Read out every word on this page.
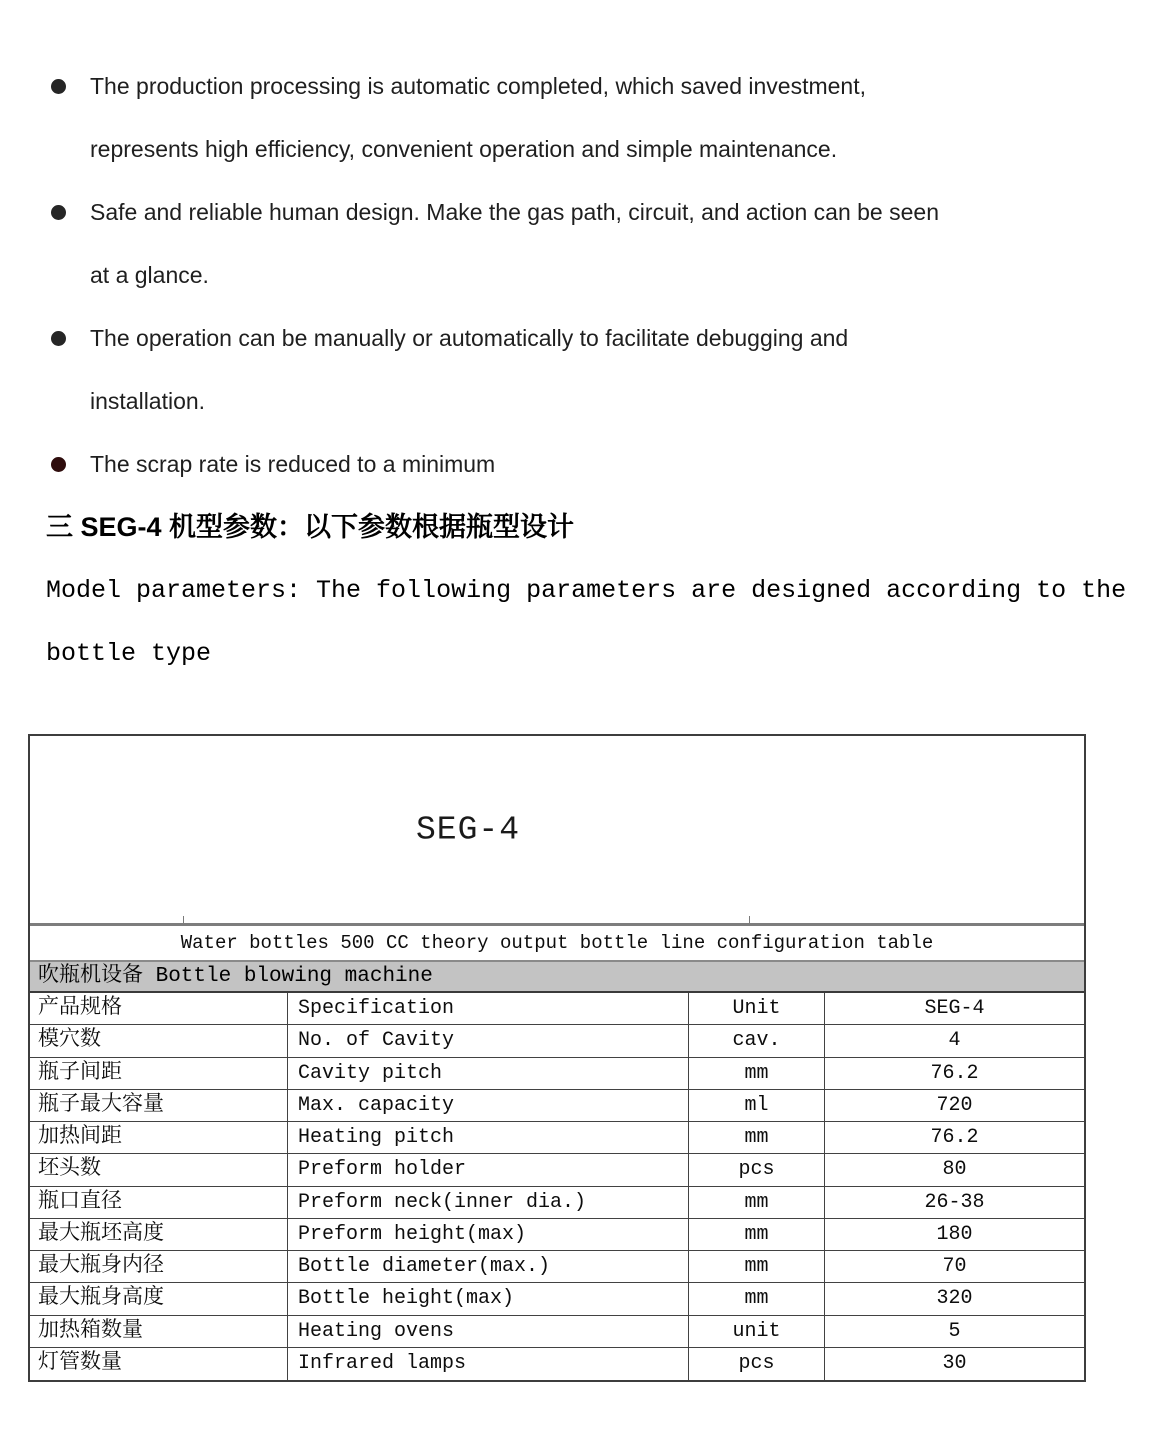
The production processing is automatic completed, which saved investment,
represents high efficiency, convenient operation and simple maintenance.
Safe and reliable human design. Make the gas path, circuit, and action can be seen
at a glance.
The operation can be manually or automatically to facilitate debugging and
installation.
The scrap rate is reduced to a minimum
三 SEG-4 机型参数：以下参数根据瓶型设计
Model parameters: The following parameters are designed according to the
bottle type
SEG-4
Water bottles 500 CC theory output bottle line configuration table
吹瓶机设备 Bottle blowing machine
产品规格	Specification	Unit	SEG-4
模穴数	No. of Cavity	cav.	4
瓶子间距	Cavity pitch	mm	76.2
瓶子最大容量	Max. capacity	ml	720
加热间距	Heating pitch	mm	76.2
坯头数	Preform holder	pcs	80
瓶口直径	Preform neck(inner dia.)	mm	26-38
最大瓶坯高度	Preform height(max)	mm	180
最大瓶身内径	Bottle diameter(max.)	mm	70
最大瓶身高度	Bottle height(max)	mm	320
加热箱数量	Heating ovens	unit	5
灯管数量	Infrared lamps	pcs	30
